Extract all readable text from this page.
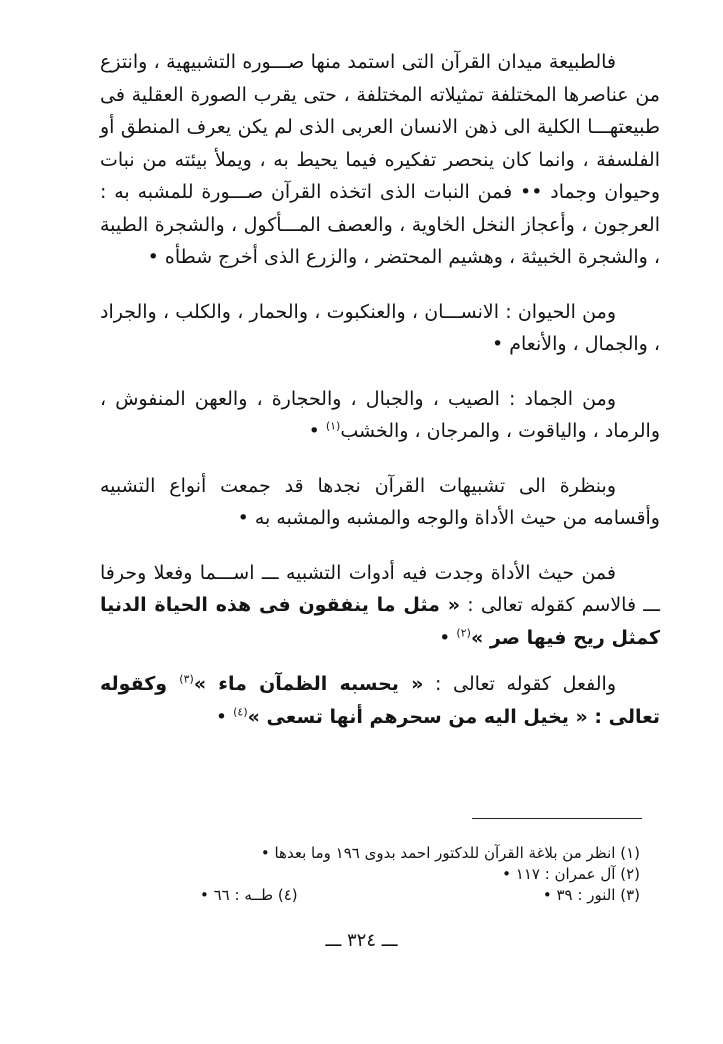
فالطبيعة ميدان القرآن التى استمد منها صـــوره التشبيهية ، وانتزع من عناصرها المختلفة تمثيلاته المختلفة ، حتى يقرب الصورة العقلية فى طبيعتهـــا الكلية الى ذهن الانسان العربى الذى لم يكن يعرف المنطق أو الفلسفة ، وانما كان ينحصر تفكيره فيما يحيط به ، ويملأ بيئته من نبات وحيوان وجماد •• فمن النبات الذى اتخذه القرآن صـــورة للمشبه به : العرجون ، وأعجاز النخل الخاوية ، والعصف المـــأكول ، والشجرة الطيبة ، والشجرة الخبيثة ، وهشيم المحتضر ، والزرع الذى أخرج شطأه •

ومن الحيوان : الانســـان ، والعنكبوت ، والحمار ، والكلب ، والجراد ، والجمال ، والأنعام •

ومن الجماد : الصيب ، والجبال ، والحجارة ، والعهن المنفوش ، والرماد ، والياقوت ، والمرجان ، والخشب$^{(١)}$ •

وبنظرة الى تشبيهات القرآن نجدها قد جمعت أنواع التشبيه وأقسامه من حيث الأداة والوجه والمشبه والمشبه به •

فمن حيث الأداة وجدت فيه أدوات التشبيه ـــ اســـما وفعلا وحرفا ـــ فالاسم كقوله تعالى : « مثل ما ينفقون فى هذه الحياة الدنيا كمثل ريح فيها صر »$^{(٢)}$ •

والفعل كقوله تعالى : « يحسبه الظمآن ماء »$^{(٣)}$ وكقوله تعالى : « يخيل اليه من سحرهم أنها تسعى »$^{(٤)}$ •

(١) انظر من بلاغة القرآن للدكتور احمد بدوى ١٩٦ وما بعدها •

(٢) آل عمران : ١١٧ •

(٣) النور : ٣٩ •
(٤) طــه : ٦٦ •
ـــ ٣٢٤ ـــ
